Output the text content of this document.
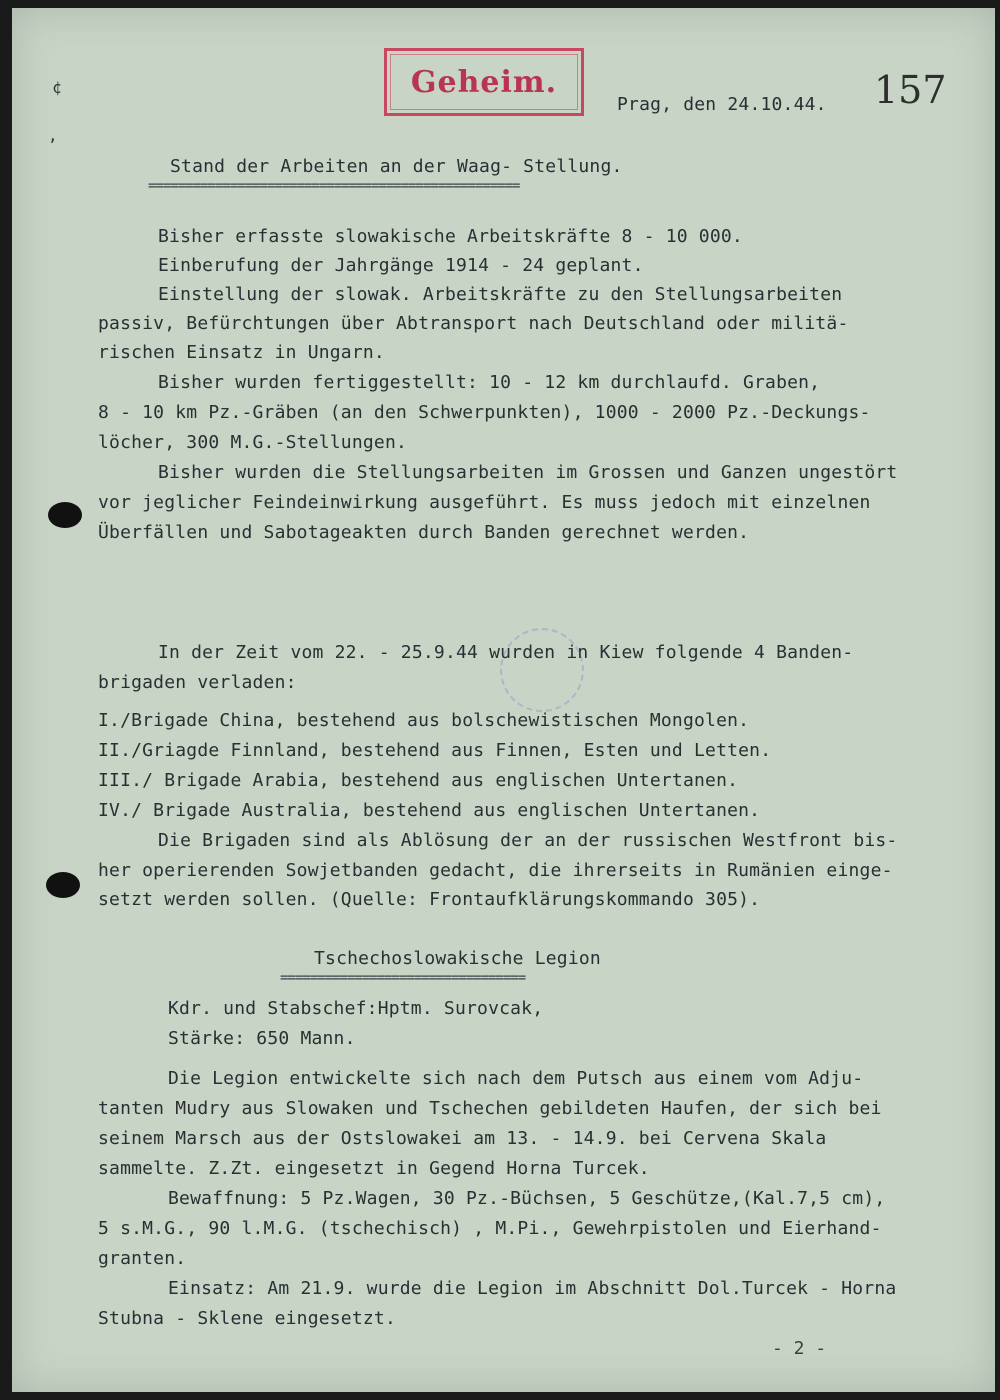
Geheim.
Prag, den 24.10.44. 157
¢
‚
Stand der Arbeiten an der Waag- Stellung.
==================================================
Bisher erfasste slowakische Arbeitskräfte 8 - 10 000.
Einberufung der Jahrgänge 1914 - 24 geplant.
Einstellung der slowak. Arbeitskräfte zu den Stellungsarbeiten
passiv, Befürchtungen über Abtransport nach Deutschland oder militä-
rischen Einsatz in Ungarn.
Bisher wurden fertiggestellt: 10 - 12 km durchlaufd. Graben,
8 - 10 km Pz.-Gräben (an den Schwerpunkten), 1000 - 2000 Pz.-Deckungs-
löcher, 300 M.G.-Stellungen.
Bisher wurden die Stellungsarbeiten im Grossen und Ganzen ungestört
vor jeglicher Feindeinwirkung ausgeführt. Es muss jedoch mit einzelnen
Überfällen und Sabotageakten durch Banden gerechnet werden.
In der Zeit vom 22. - 25.9.44 wurden in Kiew folgende 4 Banden-
brigaden verladen:
I./Brigade China, bestehend aus bolschewistischen Mongolen.
II./Griagde Finnland, bestehend aus Finnen, Esten und Letten.
III./ Brigade Arabia, bestehend aus englischen Untertanen.
IV./ Brigade Australia, bestehend aus englischen Untertanen.
Die Brigaden sind als Ablösung der an der russischen Westfront bis-
her operierenden Sowjetbanden gedacht, die ihrerseits in Rumänien einge-
setzt werden sollen. (Quelle: Frontaufklärungskommando 305).
Tschechoslowakische Legion
=================================
Kdr. und Stabschef:Hptm. Surovcak,
Stärke: 650 Mann.
Die Legion entwickelte sich nach dem Putsch aus einem vom Adju-
tanten Mudry aus Slowaken und Tschechen gebildeten Haufen, der sich bei
seinem Marsch aus der Ostslowakei am 13. - 14.9. bei Cervena Skala
sammelte. Z.Zt. eingesetzt in Gegend Horna Turcek.
Bewaffnung: 5 Pz.Wagen, 30 Pz.-Büchsen, 5 Geschütze,(Kal.7,5 cm),
5 s.M.G., 90 l.M.G. (tschechisch) , M.Pi., Gewehrpistolen und Eierhand-
granten.
Einsatz: Am 21.9. wurde die Legion im Abschnitt Dol.Turcek - Horna
Stubna - Sklene eingesetzt.
- 2 -
